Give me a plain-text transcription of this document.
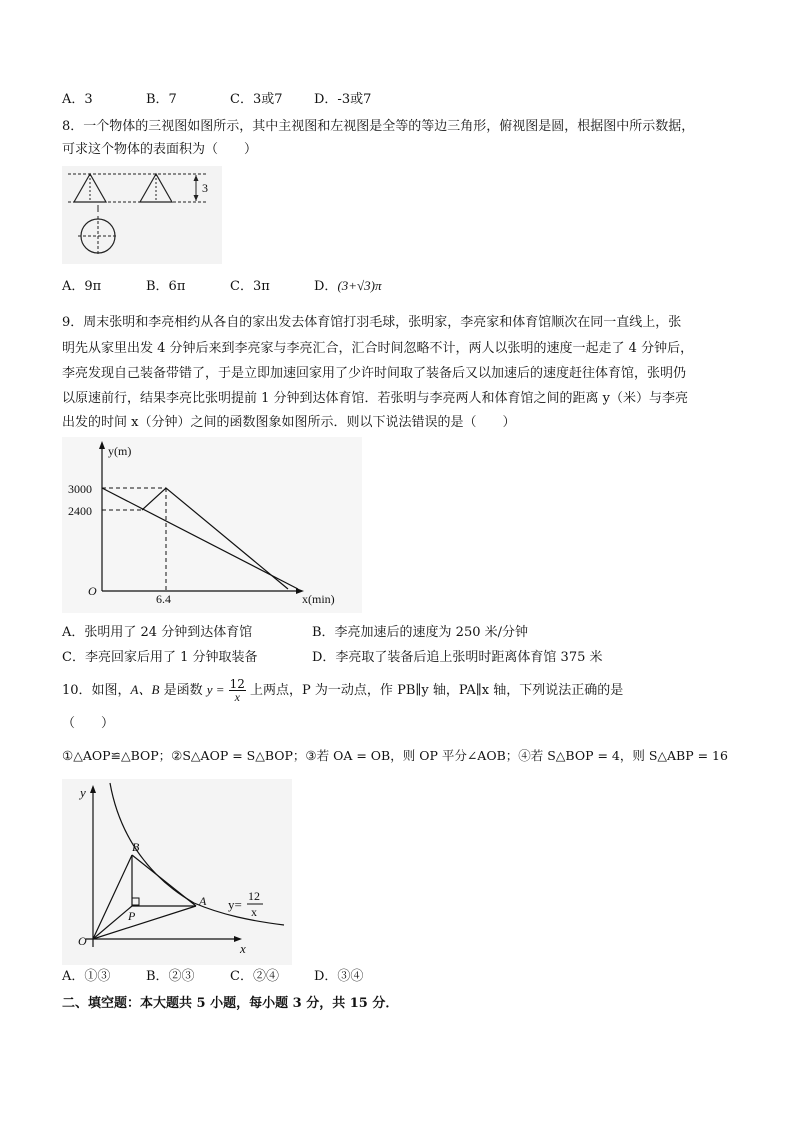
A．3	B．7	C．3或7 D．-3或7
8．一个物体的三视图如图所示，其中主视图和左视图是全等的等边三角形，俯视图是圆，根据图中所示数据，
可求这个物体的表面积为（　　）
3
A．9π	B．6π	C．3π	D．(3+√3)π
9．周末张明和李亮相约从各自的家出发去体育馆打羽毛球，张明家，李亮家和体育馆顺次在同一直线上，张
明先从家里出发 4 分钟后来到李亮家与李亮汇合，汇合时间忽略不计，两人以张明的速度一起走了 4 分钟后，
李亮发现自己装备带错了，于是立即加速回家用了少许时间取了装备后又以加速后的速度赶往体育馆，张明仍
以原速前行，结果李亮比张明提前 1 分钟到达体育馆．若张明与李亮两人和体育馆之间的距离 y（米）与李亮
出发的时间 x（分钟）之间的函数图象如图所示．则以下说法错误的是（　　）
y(m)
x(min)
O
3000
2400
6.4
A．张明用了 24 分钟到达体育馆	B．李亮加速后的速度为 250 米/分钟
C．李亮回家后用了 1 分钟取装备	D．李亮取了装备后追上张明时距离体育馆 375 米
10．如图，A、B 是函数 $y = \frac{12}{x}$ 上两点，P 为一动点，作 PB∥y 轴，PA∥x 轴，下列说法正确的是
（　　）
①△AOP≌△BOP；②S△AOP = S△BOP；③若 OA = OB，则 OP 平分∠AOB；④若 S△BOP = 4，则 S△ABP = 16
y
x
O
B
A
P
y=
12
x
A．①③	B．②③	C．②④	D．③④
二、填空题：本大题共 5 小题，每小题 3 分，共 15 分．
